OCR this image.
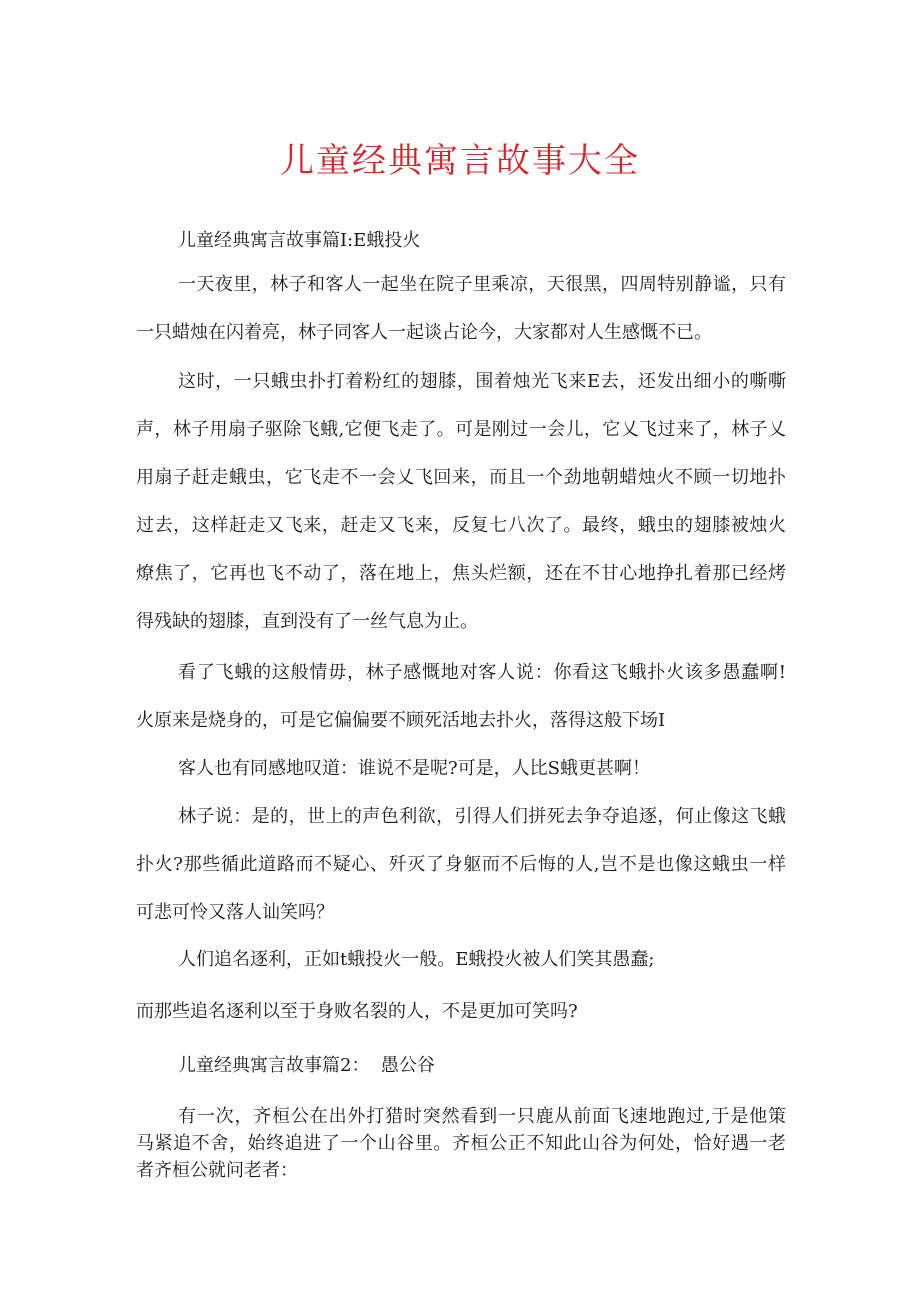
儿童经典寓言故事大全
儿童经典寓言故事篇I:E蛾投火
一天夜里，林子和客人一起坐在院子里乘凉，天很黑，四周特别静谧，只有
一只蜡烛在闪着亮，林子同客人一起谈占论今，大家都对人生感慨不已。
这时，一只蛾虫扑打着粉红的翅膝，围着烛光飞来E去，还发出细小的嘶嘶
声，林子用扇子驱除飞蛾,它便飞走了。可是刚过一会儿，它乂飞过来了，林子乂
用扇子赶走蛾虫，它飞走不一会乂飞回来，而且一个劲地朝蜡烛火不顾一切地扑
过去，这样赶走又飞来，赶走又飞来，反复七八次了。最终，蛾虫的翅膝被烛火
燎焦了，它再也飞不动了，落在地上，焦头烂额，还在不甘心地挣扎着那已经烤
得残缺的翅膝，直到没有了一丝气息为止。
看了飞蛾的这般情毋，林子感慨地对客人说：你看这飞蛾扑火该多愚蠢啊!
火原来是烧身的，可是它偏偏要不顾死活地去扑火，落得这般下场I
客人也有同感地叹道：谁说不是呢?可是，人比S蛾更甚啊！
林子说：是的，世上的声色利欲，引得人们拼死去争夺追逐，何止像这飞蛾
扑火?那些循此道路而不疑心、歼灭了身躯而不后悔的人,岂不是也像这蛾虫一样
可悲可怜又落人讪笑吗？
人们追名逐利，正如t蛾投火一般。E蛾投火被人们笑其愚蠢;
而那些追名逐利以至于身败名裂的人，不是更加可笑吗?
儿童经典寓言故事篇2：  愚公谷
有一次，齐桓公在出外打猎时突然看到一只鹿从前面飞速地跑过,于是他策
马紧追不舍，始终追进了一个山谷里。齐桓公正不知此山谷为何处，恰好遇一老
者齐桓公就问老者：
